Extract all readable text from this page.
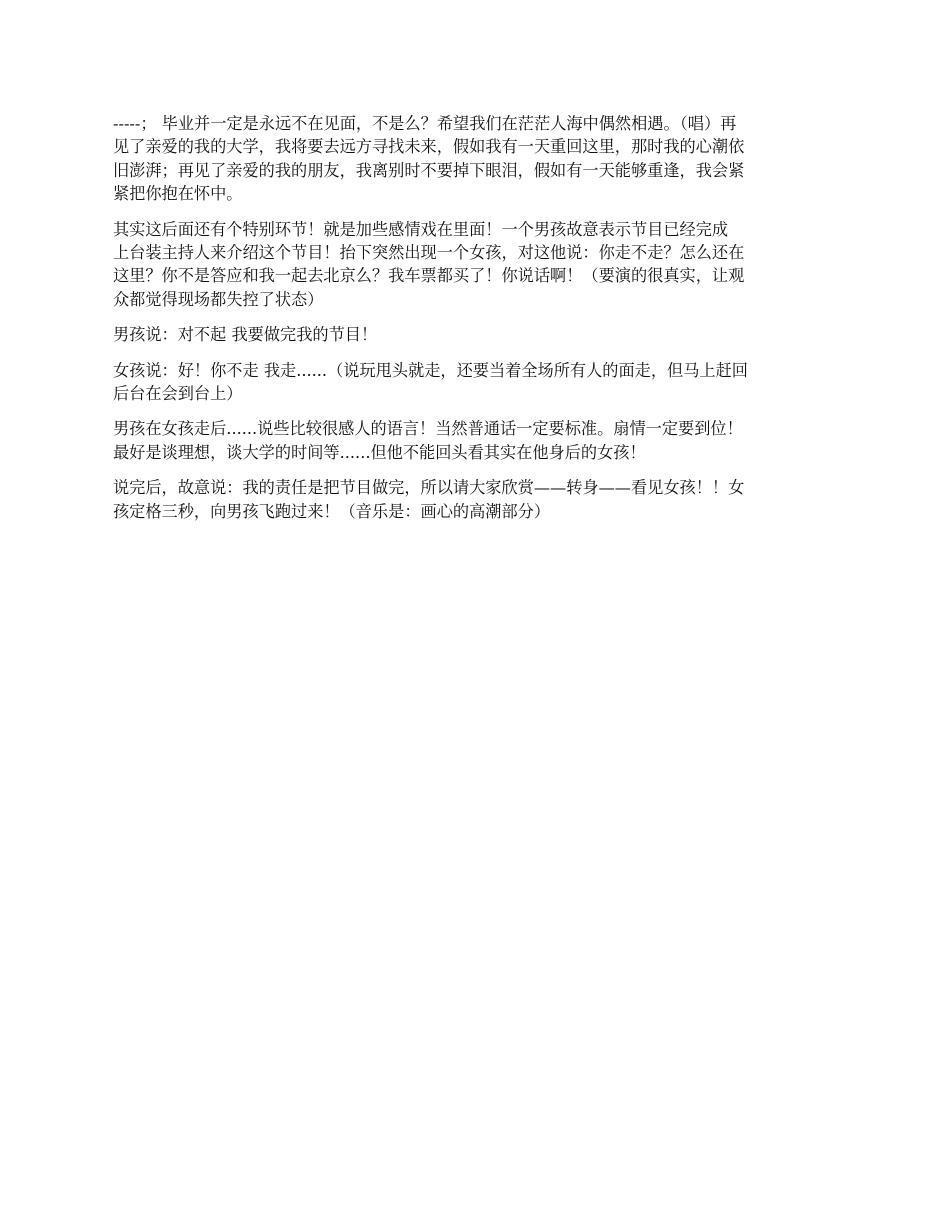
-----； 毕业并一定是永远不在见面，不是么？希望我们在茫茫人海中偶然相遇。（唱）再
见了亲爱的我的大学，我将要去远方寻找未来，假如我有一天重回这里，那时我的心潮依
旧澎湃；再见了亲爱的我的朋友，我离别时不要掉下眼泪，假如有一天能够重逢，我会紧
紧把你抱在怀中。

其实这后面还有个特别环节！就是加些感情戏在里面！一个男孩故意表示节目已经完成
上台装主持人来介绍这个节目！抬下突然出现一个女孩，对这他说：你走不走？怎么还在
这里？你不是答应和我一起去北京么？我车票都买了！你说话啊！（要演的很真实，让观
众都觉得现场都失控了状态）

男孩说：对不起 我要做完我的节目！

女孩说：好！你不走 我走......（说玩甩头就走，还要当着全场所有人的面走，但马上赶回
后台在会到台上）

男孩在女孩走后......说些比较很感人的语言！当然普通话一定要标准。扇情一定要到位！
最好是谈理想，谈大学的时间等......但他不能回头看其实在他身后的女孩！

说完后，故意说：我的责任是把节目做完，所以请大家欣赏——转身——看见女孩！！女
孩定格三秒，向男孩飞跑过来！（音乐是：画心的高潮部分）
